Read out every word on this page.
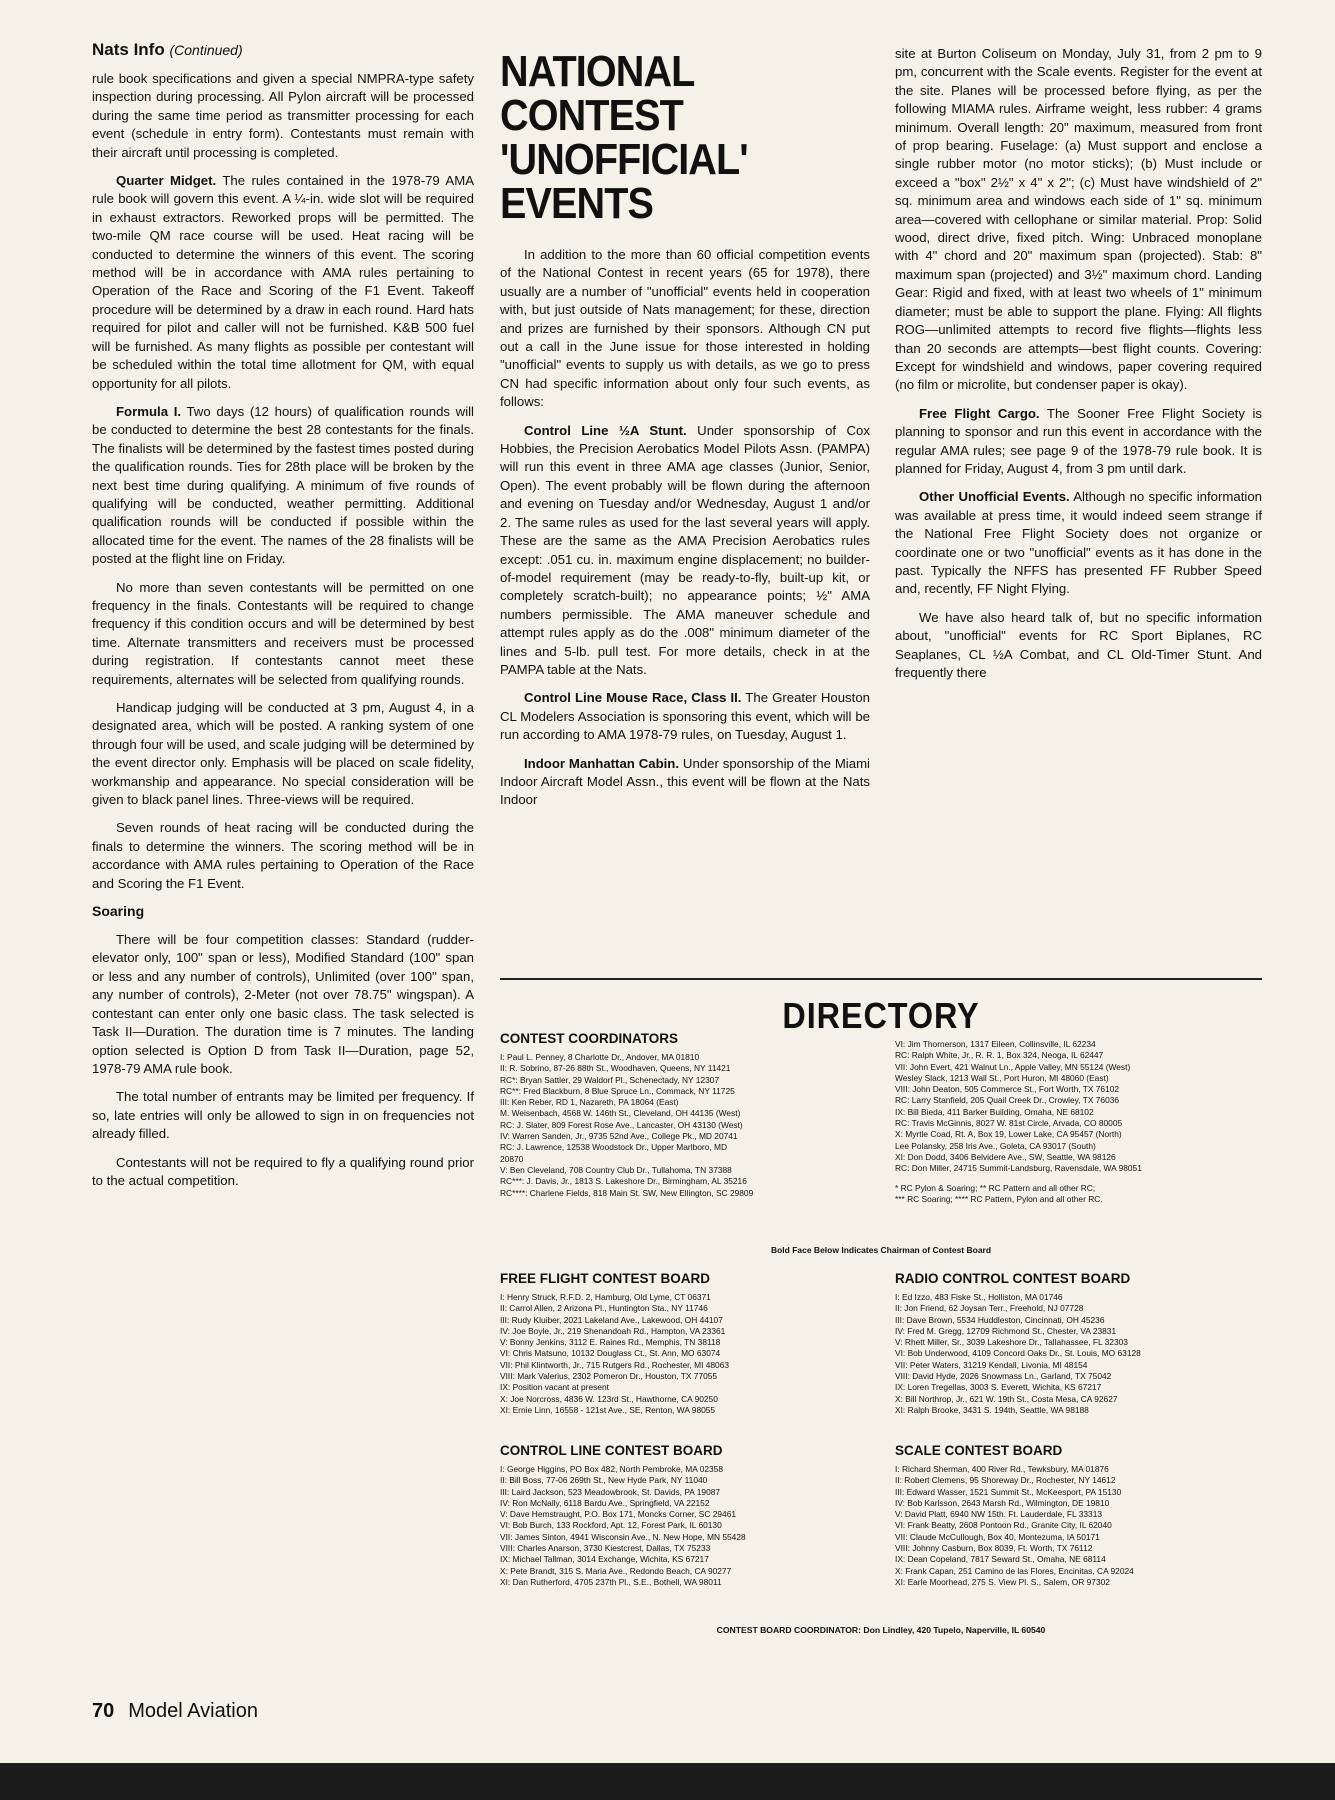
Nats Info (Continued)

rule book specifications and given a special NMPRA-type safety inspection during processing. All Pylon aircraft will be processed during the same time period as transmitter processing for each event (schedule in entry form). Contestants must remain with their aircraft until processing is completed.

Quarter Midget. The rules contained in the 1978-79 AMA rule book will govern this event. A ¼-in. wide slot will be required in exhaust extractors. Reworked props will be permitted. The two-mile QM race course will be used. Heat racing will be conducted to determine the winners of this event. The scoring method will be in accordance with AMA rules pertaining to Operation of the Race and Scoring of the F1 Event. Takeoff procedure will be determined by a draw in each round. Hard hats required for pilot and caller will not be furnished. K&B 500 fuel will be furnished. As many flights as possible per contestant will be scheduled within the total time allotment for QM, with equal opportunity for all pilots.

Formula I. Two days (12 hours) of qualification rounds will be conducted to determine the best 28 contestants for the finals. The finalists will be determined by the fastest times posted during the qualification rounds. Ties for 28th place will be broken by the next best time during qualifying. A minimum of five rounds of qualifying will be conducted, weather permitting. Additional qualification rounds will be conducted if possible within the allocated time for the event. The names of the 28 finalists will be posted at the flight line on Friday.

No more than seven contestants will be permitted on one frequency in the finals. Contestants will be required to change frequency if this condition occurs and will be determined by best time. Alternate transmitters and receivers must be processed during registration. If contestants cannot meet these requirements, alternates will be selected from qualifying rounds.

Handicap judging will be conducted at 3 pm, August 4, in a designated area, which will be posted. A ranking system of one through four will be used, and scale judging will be determined by the event director only. Emphasis will be placed on scale fidelity, workmanship and appearance. No special consideration will be given to black panel lines. Three-views will be required.

Seven rounds of heat racing will be conducted during the finals to determine the winners. The scoring method will be in accordance with AMA rules pertaining to Operation of the Race and Scoring the F1 Event.

Soaring

There will be four competition classes: Standard (rudder-elevator only, 100" span or less), Modified Standard (100" span or less and any number of controls), Unlimited (over 100" span, any number of controls), 2-Meter (not over 78.75" wingspan). A contestant can enter only one basic class. The task selected is Task II—Duration. The duration time is 7 minutes. The landing option selected is Option D from Task II—Duration, page 52, 1978-79 AMA rule book.

The total number of entrants may be limited per frequency. If so, late entries will only be allowed to sign in on frequencies not already filled.

Contestants will not be required to fly a qualifying round prior to the actual competition.

NATIONAL CONTEST
'UNOFFICIAL' EVENTS

In addition to the more than 60 official competition events of the National Contest in recent years (65 for 1978), there usually are a number of "unofficial" events held in cooperation with, but just outside of Nats management; for these, direction and prizes are furnished by their sponsors. Although CN put out a call in the June issue for those interested in holding "unofficial" events to supply us with details, as we go to press CN had specific information about only four such events, as follows:

Control Line ½A Stunt. Under sponsorship of Cox Hobbies, the Precision Aerobatics Model Pilots Assn. (PAMPA) will run this event in three AMA age classes (Junior, Senior, Open). The event probably will be flown during the afternoon and evening on Tuesday and/or Wednesday, August 1 and/or 2. The same rules as used for the last several years will apply. These are the same as the AMA Precision Aerobatics rules except: .051 cu. in. maximum engine displacement; no builder-of-model requirement (may be ready-to-fly, built-up kit, or completely scratch-built); no appearance points; ½" AMA numbers permissible. The AMA maneuver schedule and attempt rules apply as do the .008" minimum diameter of the lines and 5-lb. pull test. For more details, check in at the PAMPA table at the Nats.

Control Line Mouse Race, Class II. The Greater Houston CL Modelers Association is sponsoring this event, which will be run according to AMA 1978-79 rules, on Tuesday, August 1.

Indoor Manhattan Cabin. Under sponsorship of the Miami Indoor Aircraft Model Assn., this event will be flown at the Nats Indoor

site at Burton Coliseum on Monday, July 31, from 2 pm to 9 pm, concurrent with the Scale events. Register for the event at the site. Planes will be processed before flying, as per the following MIAMA rules. Airframe weight, less rubber: 4 grams minimum. Overall length: 20" maximum, measured from front of prop bearing. Fuselage: (a) Must support and enclose a single rubber motor (no motor sticks); (b) Must include or exceed a "box" 2½" x 4" x 2"; (c) Must have windshield of 2" sq. minimum area and windows each side of 1" sq. minimum area—covered with cellophane or similar material. Prop: Solid wood, direct drive, fixed pitch. Wing: Unbraced monoplane with 4" chord and 20" maximum span (projected). Stab: 8" maximum span (projected) and 3½" maximum chord. Landing Gear: Rigid and fixed, with at least two wheels of 1" minimum diameter; must be able to support the plane. Flying: All flights ROG—unlimited attempts to record five flights—flights less than 20 seconds are attempts—best flight counts. Covering: Except for windshield and windows, paper covering required (no film or microlite, but condenser paper is okay).

Free Flight Cargo. The Sooner Free Flight Society is planning to sponsor and run this event in accordance with the regular AMA rules; see page 9 of the 1978-79 rule book. It is planned for Friday, August 4, from 3 pm until dark.

Other Unofficial Events. Although no specific information was available at press time, it would indeed seem strange if the National Free Flight Society does not organize or coordinate one or two "unofficial" events as it has done in the past. Typically the NFFS has presented FF Rubber Speed and, recently, FF Night Flying.

We have also heard talk of, but no specific information about, "unofficial" events for RC Sport Biplanes, RC Seaplanes, CL ½A Combat, and CL Old-Timer Stunt. And frequently there

DIRECTORY
CONTEST COORDINATORS
I: Paul L. Penney, 8 Charlotte Dr., Andover, MA 01810
II: R. Sobrino, 87-26 88th St., Woodhaven, Queens, NY 11421
RC*: Bryan Sattler, 29 Waldorf Pl., Schenectady, NY 12307
RC**: Fred Blackburn, 8 Blue Spruce Ln., Commack, NY 11725
III: Ken Reber, RD 1, Nazareth, PA 18064 (East)
M. Weisenbach, 4568 W. 146th St., Cleveland, OH 44135 (West)
RC: J. Slater, 809 Forest Rose Ave., Lancaster, OH 43130 (West)
IV: Warren Sanden, Jr., 9735 52nd Ave., College Pk., MD 20741
RC: J. Lawrence, 12538 Woodstock Dr., Upper Marlboro, MD
20870
V: Ben Cleveland, 708 Country Club Dr., Tullahoma, TN 37388
RC***: J. Davis, Jr., 1813 S. Lakeshore Dr., Birmingham, AL 35216
RC****: Charlene Fields, 818 Main St. SW, New Ellington, SC 29809
VI: Jim Thornerson, 1317 Eileen, Collinsville, IL 62234
RC: Ralph White, Jr., R. R. 1, Box 324, Neoga, IL 62447
VII: John Evert, 421 Walnut Ln., Apple Valley, MN 55124 (West)
Wesley Slack, 1213 Wall St., Port Huron, MI 48060 (East)
VIII: John Deaton, 505 Commerce St., Fort Worth, TX 76102
RC: Larry Stanfield, 205 Quail Creek Dr., Crowley, TX 76036
IX: Bill Bieda, 411 Barker Building, Omaha, NE 68102
RC: Travis McGinnis, 8027 W. 81st Circle, Arvada, CO 80005
X: Myrtle Coad, Rt. A, Box 19, Lower Lake, CA 95457 (North)
Lee Polansky, 258 Iris Ave., Goleta, CA 93017 (South)
XI: Don Dodd, 3406 Belvidere Ave., SW, Seattle, WA 98126
RC: Don Miller, 24715 Summit-Landsburg, Ravensdale, WA 98051
* RC Pylon & Soaring; ** RC Pattern and all other RC;
*** RC Soaring; **** RC Pattern, Pylon and all other RC.
Bold Face Below Indicates Chairman of Contest Board
FREE FLIGHT CONTEST BOARD
I: Henry Struck, R.F.D. 2, Hamburg, Old Lyme, CT 06371
II: Carrol Allen, 2 Arizona Pl., Huntington Sta., NY 11746
III: Rudy Kluiber, 2021 Lakeland Ave., Lakewood, OH 44107
IV: Joe Boyle, Jr., 219 Shenandoah Rd., Hampton, VA 23361
V: Bonny Jenkins, 3112 E. Raines Rd., Memphis, TN 38118
VI: Chris Matsuno, 10132 Douglass Ct., St. Ann, MO 63074
VII: Phil Klintworth, Jr., 715 Rutgers Rd., Rochester, MI 48063
VIII: Mark Valerius, 2302 Pomeron Dr., Houston, TX 77055
IX: Position vacant at present
X: Joe Norcross, 4836 W. 123rd St., Hawthorne, CA 90250
XI: Ernie Linn, 16558 - 121st Ave., SE, Renton, WA 98055
RADIO CONTROL CONTEST BOARD
I: Ed Izzo, 483 Fiske St., Holliston, MA 01746
II: Jon Friend, 62 Joysan Terr., Freehold, NJ 07728
III: Dave Brown, 5534 Huddleston, Cincinnati, OH 45236
IV: Fred M. Gregg, 12709 Richmond St., Chester, VA 23831
V: Rhett Miller, Sr., 3039 Lakeshore Dr., Tallahassee, FL 32303
VI: Bob Underwood, 4109 Concord Oaks Dr., St. Louis, MO 63128
VII: Peter Waters, 31219 Kendall, Livonia, MI 48154
VIII: David Hyde, 2026 Snowmass Ln., Garland, TX 75042
IX: Loren Tregellas, 3003 S. Everett, Wichita, KS 67217
X: Bill Northrop, Jr., 621 W. 19th St., Costa Mesa, CA 92627
XI: Ralph Brooke, 3431 S. 194th, Seattle, WA 98188
CONTROL LINE CONTEST BOARD
I: George Higgins, PO Box 482, North Pembroke, MA 02358
II: Bill Boss, 77-06 269th St., New Hyde Park, NY 11040
III: Laird Jackson, 523 Meadowbrook, St. Davids, PA 19087
IV: Ron McNally, 6118 Bardu Ave., Springfield, VA 22152
V: Dave Hemstraught, P.O. Box 171, Moncks Corner, SC 29461
VI: Bob Burch, 133 Rockford, Apt. 12, Forest Park, IL 60130
VII: James Sinton, 4941 Wisconsin Ave., N. New Hope, MN 55428
VIII: Charles Anarson, 3730 Kiestcrest, Dallas, TX 75233
IX: Michael Tallman, 3014 Exchange, Wichita, KS 67217
X: Pete Brandt, 315 S. Maria Ave., Redondo Beach, CA 90277
XI: Dan Rutherford, 4705 237th Pl., S.E., Bothell, WA 98011
SCALE CONTEST BOARD
I: Richard Sherman, 400 River Rd., Tewksbury, MA 01876
II: Robert Clemens, 95 Shoreway Dr., Rochester, NY 14612
III: Edward Wasser, 1521 Summit St., McKeesport, PA 15130
IV: Bob Karlsson, 2643 Marsh Rd., Wilmington, DE 19810
V: David Platt, 6940 NW 15th. Ft. Lauderdale, FL 33313
VI: Frank Beatty, 2608 Pontoon Rd., Granite City, IL 62040
VII: Claude McCullough, Box 40, Montezuma, IA 50171
VIII: Johnny Casburn, Box 8039, Ft. Worth, TX 76112
IX: Dean Copeland, 7817 Seward St., Omaha, NE 68114
X: Frank Capan, 251 Camino de las Flores, Encinitas, CA 92024
XI: Earle Moorhead, 275 S. View Pl. S., Salem, OR 97302
CONTEST BOARD COORDINATOR: Don Lindley, 420 Tupelo, Naperville, IL 60540
70 Model Aviation
